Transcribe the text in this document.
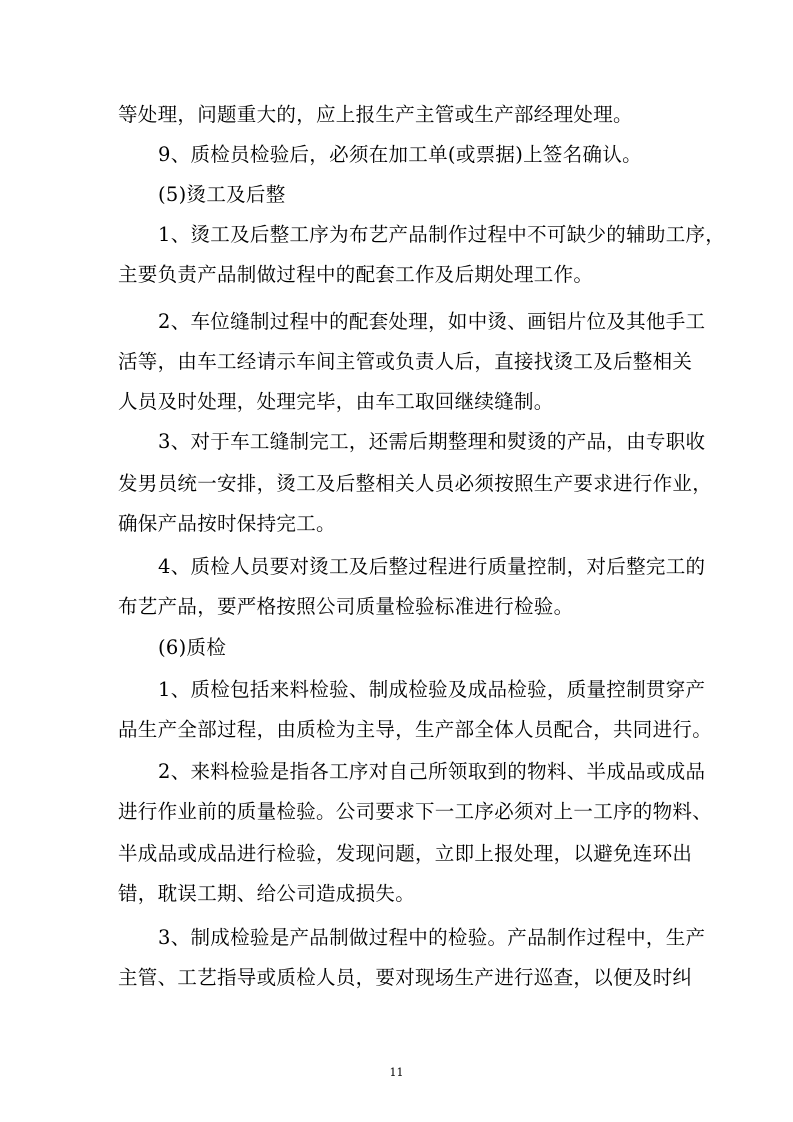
等处理，问题重大的，应上报生产主管或生产部经理处理。
9、质检员检验后，必须在加工单(或票据)上签名确认。
(5)烫工及后整
1、烫工及后整工序为布艺产品制作过程中不可缺少的辅助工序，
主要负责产品制做过程中的配套工作及后期处理工作。
2、车位缝制过程中的配套处理，如中烫、画铝片位及其他手工
活等，由车工经请示车间主管或负责人后，直接找烫工及后整相关
人员及时处理，处理完毕，由车工取回继续缝制。
3、对于车工缝制完工，还需后期整理和熨烫的产品，由专职收
发男员统一安排，烫工及后整相关人员必须按照生产要求进行作业，
确保产品按时保持完工。
4、质检人员要对烫工及后整过程进行质量控制，对后整完工的
布艺产品，要严格按照公司质量检验标准进行检验。
(6)质检
1、质检包括来料检验、制成检验及成品检验，质量控制贯穿产
品生产全部过程，由质检为主导，生产部全体人员配合，共同进行。
2、来料检验是指各工序对自己所领取到的物料、半成品或成品
进行作业前的质量检验。公司要求下一工序必须对上一工序的物料、
半成品或成品进行检验，发现问题，立即上报处理，以避免连环出
错，耽误工期、给公司造成损失。
3、制成检验是产品制做过程中的检验。产品制作过程中，生产
主管、工艺指导或质检人员，要对现场生产进行巡查，以便及时纠
11
